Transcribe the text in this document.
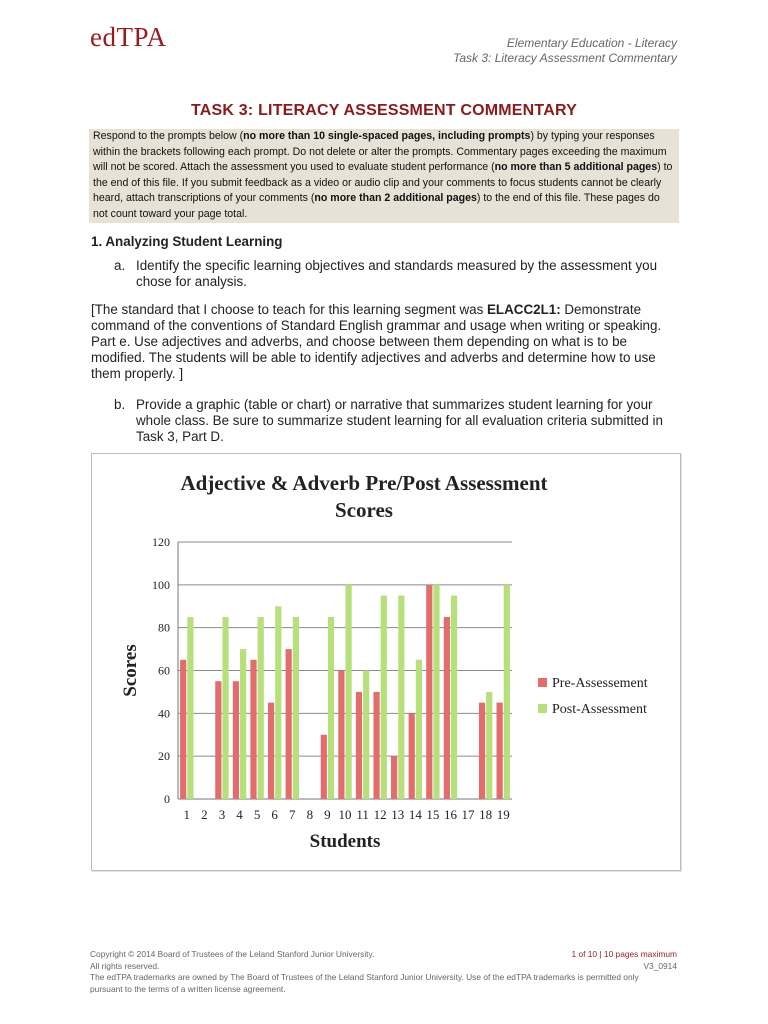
edTPA	Elementary Education - Literacy
Task 3: Literacy Assessment Commentary
TASK 3: LITERACY ASSESSMENT COMMENTARY
Respond to the prompts below (no more than 10 single-spaced pages, including prompts) by typing your responses within the brackets following each prompt. Do not delete or alter the prompts. Commentary pages exceeding the maximum will not be scored. Attach the assessment you used to evaluate student performance (no more than 5 additional pages) to the end of this file. If you submit feedback as a video or audio clip and your comments to focus students cannot be clearly heard, attach transcriptions of your comments (no more than 2 additional pages) to the end of this file. These pages do not count toward your page total.
1. Analyzing Student Learning
a. Identify the specific learning objectives and standards measured by the assessment you chose for analysis.
[The standard that I choose to teach for this learning segment was ELACC2L1: Demonstrate command of the conventions of Standard English grammar and usage when writing or speaking. Part e. Use adjectives and adverbs, and choose between them depending on what is to be modified. The students will be able to identify adjectives and adverbs and determine how to use them properly. ]
b. Provide a graphic (table or chart) or narrative that summarizes student learning for your whole class. Be sure to summarize student learning for all evaluation criteria submitted in Task 3, Part D.
Adjective & Adverb Pre/Post Assessment
Scores
0
20
40
60
80
100
120
1 2 3 4 5 6 7 8 9 10 11 12 13 14 15 16 17 18 19
Students
Scores	Pre-Assessement
Post-Assessment
Copyright © 2014 Board of Trustees of the Leland Stanford Junior University.
All rights reserved.
The edTPA trademarks are owned by The Board of Trustees of the Leland Stanford Junior University. Use of the edTPA trademarks is permitted only pursuant to the terms of a written license agreement.
1 of 10 | 10 pages maximum
V3_0914
